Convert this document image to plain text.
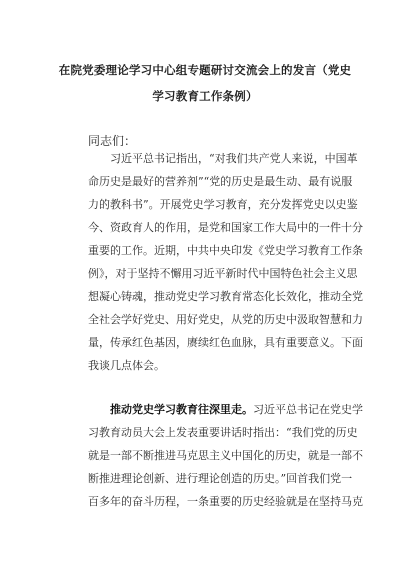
在院党委理论学习中心组专题研讨交流会上的发言（党史
学习教育工作条例）
同志们：
习近平总书记指出，“对我们共产党人来说，中国革
命历史是最好的营养剂”“党的历史是最生动、最有说服
力的教科书”。开展党史学习教育，充分发挥党史以史鉴
今、资政育人的作用，是党和国家工作大局中的一件十分
重要的工作。近期，中共中央印发《党史学习教育工作条
例》，对于坚持不懈用习近平新时代中国特色社会主义思
想凝心铸魂，推动党史学习教育常态化长效化，推动全党
全社会学好党史、用好党史，从党的历史中汲取智慧和力
量，传承红色基因，赓续红色血脉，具有重要意义。下面
我谈几点体会。
推动党史学习教育往深里走。习近平总书记在党史学
习教育动员大会上发表重要讲话时指出：“我们党的历史
就是一部不断推进马克思主义中国化的历史，就是一部不
断推进理论创新、进行理论创造的历史。”回首我们党一
百多年的奋斗历程，一条重要的历史经验就是在坚持马克
